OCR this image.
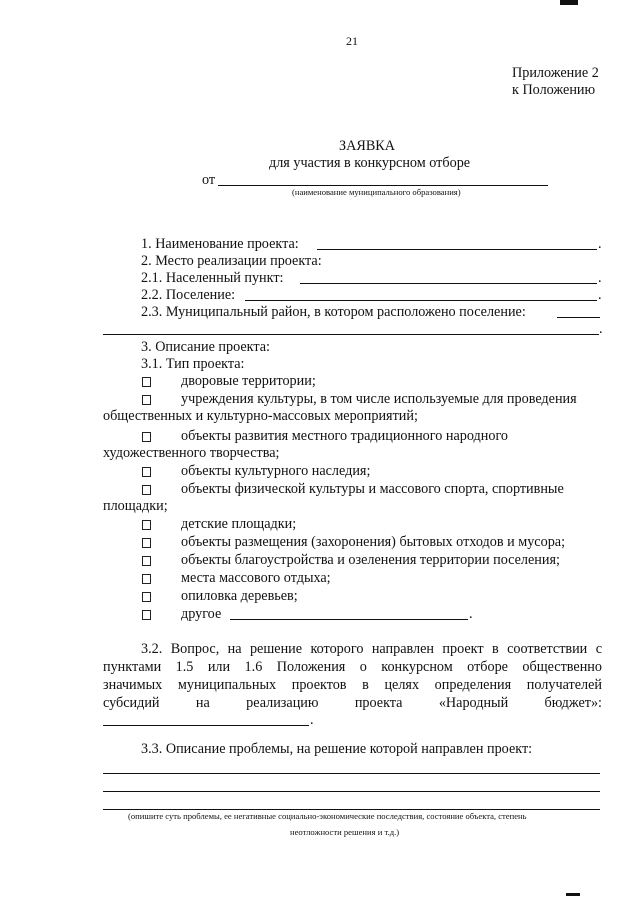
21
Приложение 2
к Положению
ЗАЯВКА
для участия в конкурсном отборе
от
(наименование муниципального образования)
1. Наименование проекта:	.
2. Место реализации проекта:
2.1. Населенный пункт:	.
2.2. Поселение:	.
2.3. Муниципальный район, в котором расположено поселение:
.
3. Описание проекта:
3.1. Тип проекта:
дворовые территории;
учреждения культуры, в том числе используемые для проведения
общественных и культурно-массовых мероприятий;
объекты развития местного традиционного народного
художественного творчества;
объекты культурного наследия;
объекты физической культуры и массового спорта, спортивные
площадки;
детские площадки;
объекты размещения (захоронения) бытовых отходов и мусора;
объекты благоустройства и озеленения территории поселения;
места массового отдыха;
опиловка деревьев;
другое	.
3.2. Вопрос, на решение которого направлен проект в соответствии с
пунктами 1.5 или 1.6 Положения о конкурсном отборе общественно
значимых муниципальных проектов в целях определения получателей
субсидий на реализацию проекта «Народный бюджет»:
.
3.3. Описание проблемы, на решение которой направлен проект:
(опишите суть проблемы, ее негативные социально-экономические последствия, состояние объекта, степень
неотложности решения и т.д.)
